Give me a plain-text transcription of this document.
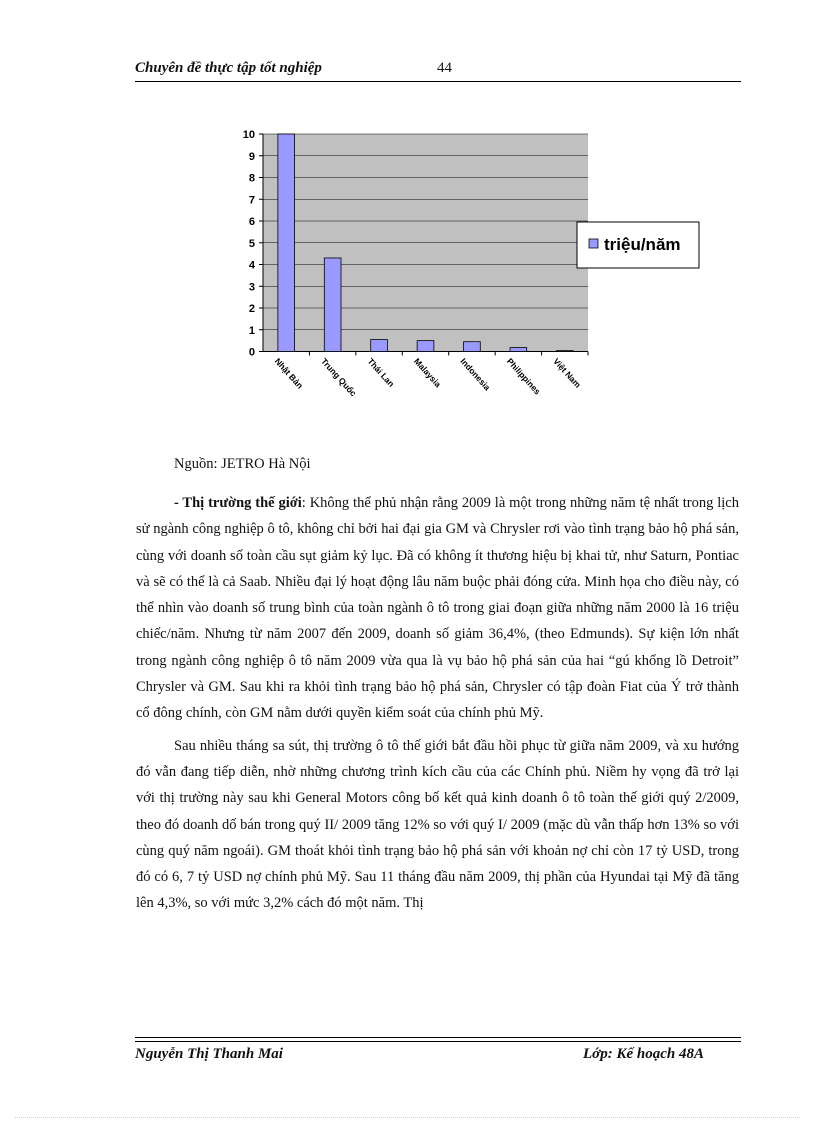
Chuyên đề thực tập tốt nghiệp	44
0
1
2
3
4
5
6
7
8
9
10
Nhật Bản Trung Quốc Thái Lan Malaysia Indonesia Philippines Việt Nam
triệu/năm
Nguồn: JETRO Hà Nội

- Thị trường thế giới: Không thể phủ nhận rằng 2009 là một trong những năm tệ nhất trong lịch sử ngành công nghiệp ô tô, không chỉ bởi hai đại gia GM và Chrysler rơi vào tình trạng bảo hộ phá sản, cùng với doanh số toàn cầu sụt giảm kỷ lục. Đã có không ít thương hiệu bị khai tử, như Saturn, Pontiac và sẽ có thể là cả Saab. Nhiều đại lý hoạt động lâu năm buộc phải đóng cửa. Minh họa cho điều này, có thể nhìn vào doanh số trung bình của toàn ngành ô tô trong giai đoạn giữa những năm 2000 là 16 triệu chiếc/năm. Nhưng từ năm 2007 đến 2009, doanh số giảm 36,4%, (theo Edmunds). Sự kiện lớn nhất trong ngành công nghiệp ô tô năm 2009 vừa qua là vụ bảo hộ phá sản của hai “gú khổng lồ Detroit” Chrysler và GM. Sau khi ra khỏi tình trạng bảo hộ phá sản, Chrysler có tập đoàn Fiat của Ý trở thành cổ đông chính, còn GM nằm dưới quyền kiểm soát của chính phủ Mỹ.

Sau nhiều tháng sa sút, thị trường ô tô thế giới bắt đầu hồi phục từ giữa năm 2009, và xu hướng đó vẫn đang tiếp diễn, nhờ những chương trình kích cầu của các Chính phủ. Niềm hy vọng đã trở lại với thị trường này sau khi General Motors công bố kết quả kinh doanh ô tô toàn thế giới quý 2/2009, theo đó doanh dố bán trong quý II/ 2009 tăng 12% so với quý I/ 2009 (mặc dù vẫn thấp hơn 13% so với cùng quý năm ngoái). GM thoát khỏi tình trạng bảo hộ phá sản với khoản nợ chỉ còn 17 tỷ USD, trong đó có 6, 7 tỷ USD nợ chính phủ Mỹ. Sau 11 tháng đầu năm 2009, thị phần của Hyundai tại Mỹ đã tăng lên 4,3%, so với mức 3,2% cách đó một năm. Thị

Nguyễn Thị Thanh Mai	Lớp: Kế hoạch 48A
